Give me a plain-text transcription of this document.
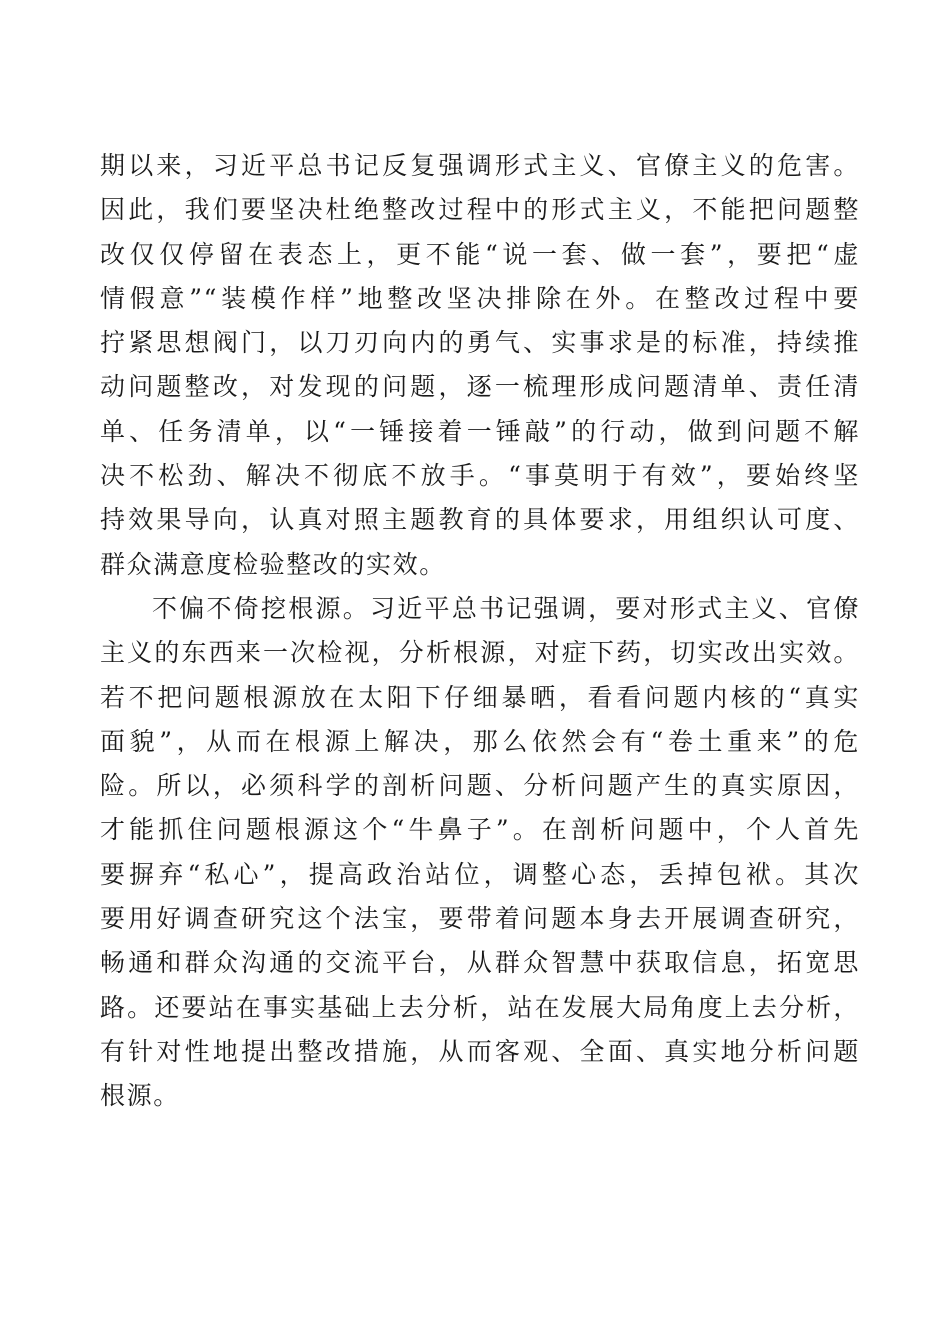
期以来，习近平总书记反复强调形式主义、官僚主义的危害。
因此，我们要坚决杜绝整改过程中的形式主义，不能把问题整
改仅仅停留在表态上，更不能“说一套、做一套”，要把“虚
情假意”“装模作样”地整改坚决排除在外。在整改过程中要
拧紧思想阀门，以刀刃向内的勇气、实事求是的标准，持续推
动问题整改，对发现的问题，逐一梳理形成问题清单、责任清
单、任务清单，以“一锤接着一锤敲”的行动，做到问题不解
决不松劲、解决不彻底不放手。“事莫明于有效”，要始终坚
持效果导向，认真对照主题教育的具体要求，用组织认可度、
群众满意度检验整改的实效。
不偏不倚挖根源。习近平总书记强调，要对形式主义、官僚
主义的东西来一次检视，分析根源，对症下药，切实改出实效。
若不把问题根源放在太阳下仔细暴晒，看看问题内核的“真实
面貌”，从而在根源上解决，那么依然会有“卷土重来”的危
险。所以，必须科学的剖析问题、分析问题产生的真实原因，
才能抓住问题根源这个“牛鼻子”。在剖析问题中，个人首先
要摒弃“私心”，提高政治站位，调整心态，丢掉包袱。其次
要用好调查研究这个法宝，要带着问题本身去开展调查研究，
畅通和群众沟通的交流平台，从群众智慧中获取信息，拓宽思
路。还要站在事实基础上去分析，站在发展大局角度上去分析，
有针对性地提出整改措施，从而客观、全面、真实地分析问题
根源。
